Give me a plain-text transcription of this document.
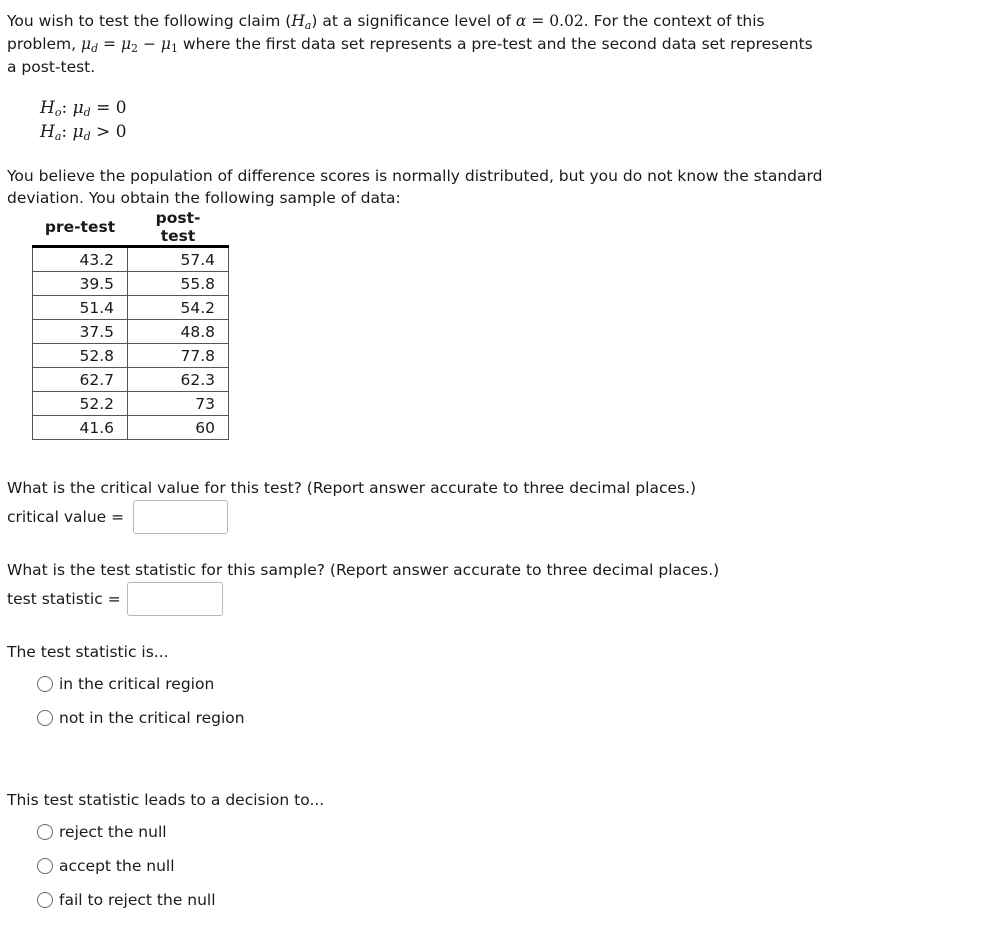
You wish to test the following claim $(H_a)$ at a significance level of α = 0.02. For the context of this
problem, $\mu_d = \mu_2 - \mu_1$ where the first data set represents a pre-test and the second data set represents
a post-test.
$H_o$: $\mu_d = 0$
$H_a$: $\mu_d > 0$
You believe the population of difference scores is normally distributed, but you do not know the standard
deviation. You obtain the following sample of data:
pre-test	post-test
43.2	57.4
39.5	55.8
51.4	54.2
37.5	48.8
52.8	77.8
62.7	62.3
52.2	73
41.6	60
What is the critical value for this test? (Report answer accurate to three decimal places.)
critical value =
What is the test statistic for this sample? (Report answer accurate to three decimal places.)
test statistic =
The test statistic is...
in the critical region
not in the critical region
This test statistic leads to a decision to...
reject the null
accept the null
fail to reject the null
